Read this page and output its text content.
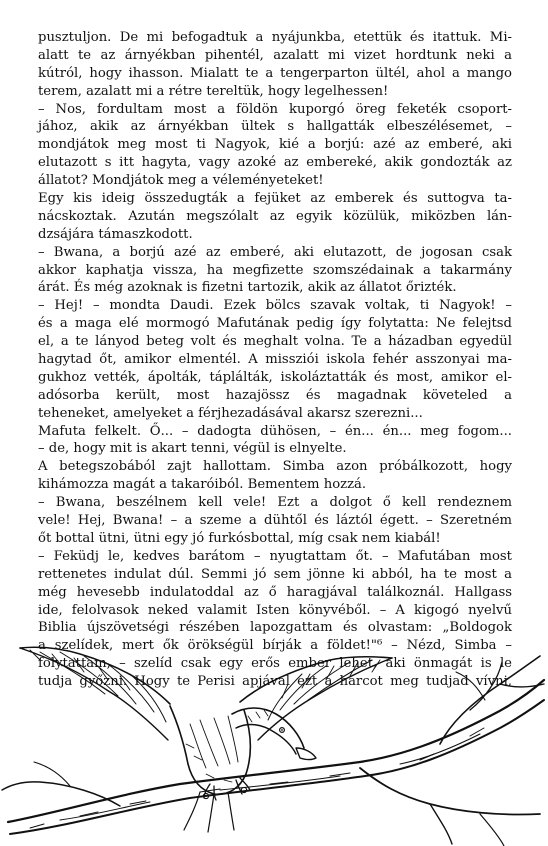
pusztuljon. De mi befogadtuk a nyájunkba, etettük és itattuk. Mi-
alatt te az árnyékban pihentél, azalatt mi vizet hordtunk neki a
kútról, hogy ihasson. Mialatt te a tengerparton ültél, ahol a mango
terem, azalatt mi a rétre tereltük, hogy legelhessen!
– Nos, fordultam most a földön kuporgó öreg feketék csoport-
jához, akik az árnyékban ültek s hallgatták elbeszélésemet, –
mondjátok meg most ti Nagyok, kié a borjú: azé az emberé, aki
elutazott s itt hagyta, vagy azoké az embereké, akik gondozták az
állatot? Mondjátok meg a véleményeteket!
Egy kis ideig összedugták a fejüket az emberek és suttogva ta-
nácskoztak. Azután megszólalt az egyik közülük, miközben lán-
dzsájára támaszkodott.
– Bwana, a borjú azé az emberé, aki elutazott, de jogosan csak
akkor kaphatja vissza, ha megfizette szomszédainak a takarmány
árát. És még azoknak is fizetni tartozik, akik az állatot őrizték.
– Hej! – mondta Daudi. Ezek bölcs szavak voltak, ti Nagyok! –
és a maga elé mormogó Mafutának pedig így folytatta: Ne felejtsd
el, a te lányod beteg volt és meghalt volna. Te a házadban egyedül
hagytad őt, amikor elmentél. A missziói iskola fehér asszonyai ma-
gukhoz vették, ápolták, táplálták, iskoláztatták és most, amikor el-
adósorba került, most hazajössz és magadnak követeled a
teheneket, amelyeket a férjhezadásával akarsz szerezni...
Mafuta felkelt. Ő... – dadogta dühösen, – én... én... meg fogom...
– de, hogy mit is akart tenni, végül is elnyelte.
A betegszobából zajt hallottam. Simba azon próbálkozott, hogy
kihámozza magát a takaróiból. Bementem hozzá.
– Bwana, beszélnem kell vele! Ezt a dolgot ő kell rendeznem
vele! Hej, Bwana! – a szeme a dühtől és láztól égett. – Szeretném
őt bottal ütni, ütni egy jó furkósbottal, míg csak nem kiabál!
– Feküdj le, kedves barátom – nyugtattam őt. – Mafutában most
rettenetes indulat dúl. Semmi jó sem jönne ki abból, ha te most a
még hevesebb indulatoddal az ő haragjával találkoznál. Hallgass
ide, felolvasok neked valamit Isten könyvéből. – A kigogó nyelvű
Biblia újszövetségi részében lapozgattam és olvastam: „Boldogok
a szelídek, mert ők örökségül bírják a földet!"⁶ – Nézd, Simba –
folytattam, – szelíd csak egy erős ember lehet, aki önmagát is le
tudja győzni. Hogy te Perisi apjával ezt a harcot meg tudjad vívni,
